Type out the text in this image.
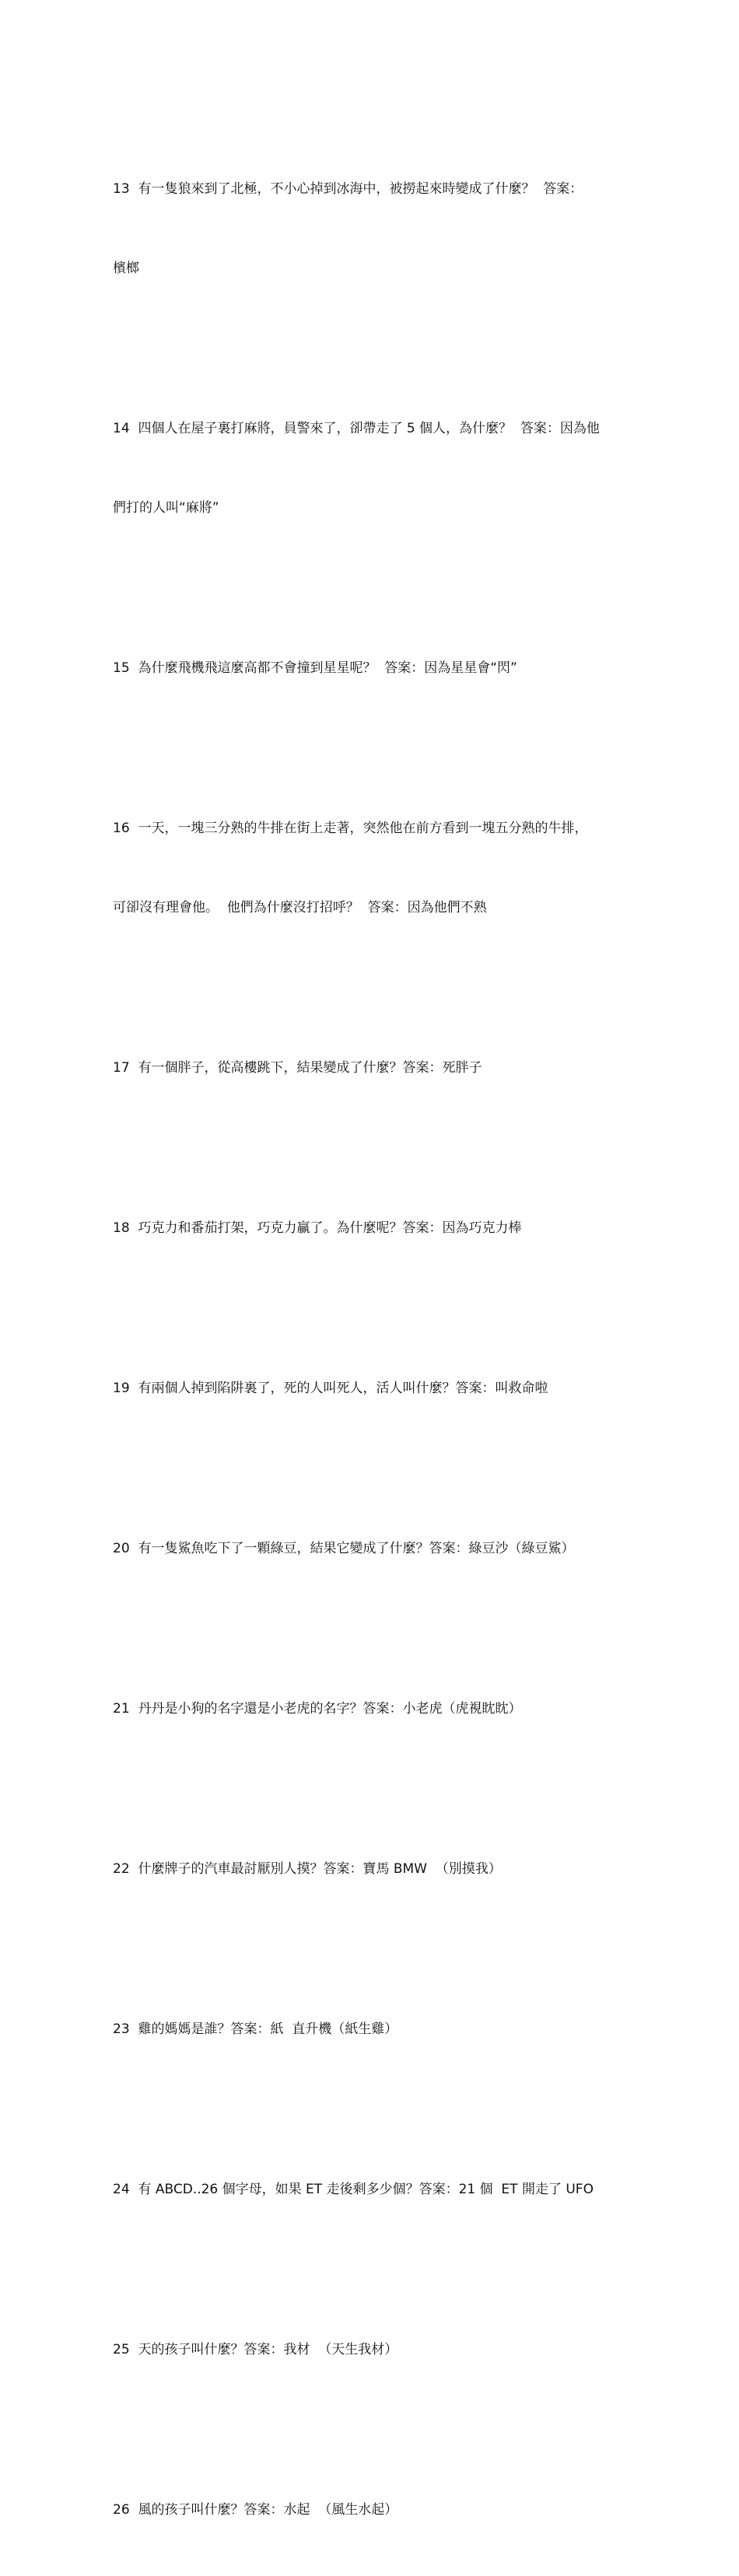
13  有一隻狼來到了北極，不小心掉到冰海中，被撈起來時變成了什麼？  答案：

檳榔

14  四個人在屋子裏打麻將，員警來了，卻帶走了 5 個人，為什麼？  答案：因為他

們打的人叫“麻將”

15  為什麼飛機飛這麼高都不會撞到星星呢？  答案：因為星星會“閃”

16  一天，一塊三分熟的牛排在街上走著，突然他在前方看到一塊五分熟的牛排，

可卻沒有理會他。  他們為什麼沒打招呼？  答案：因為他們不熟

17  有一個胖子，從高樓跳下，結果變成了什麼？答案：死胖子

18  巧克力和番茄打架，巧克力贏了。為什麼呢？答案：因為巧克力棒

19  有兩個人掉到陷阱裏了，死的人叫死人，活人叫什麼？答案：叫救命啦

20  有一隻鯊魚吃下了一顆綠豆，結果它變成了什麼？答案：綠豆沙（綠豆鯊）

21  丹丹是小狗的名字還是小老虎的名字？答案：小老虎（虎視眈眈）

22  什麼牌子的汽車最討厭別人摸？答案：寶馬 BMW  （別摸我）

23  雞的媽媽是誰？答案：紙  直升機（紙生雞）

24  有 ABCD..26 個字母，如果 ET 走後剩多少個？答案：21 個  ET 開走了 UFO

25  天的孩子叫什麼？答案：我材  （天生我材）

26  風的孩子叫什麼？答案：水起  （風生水起）
